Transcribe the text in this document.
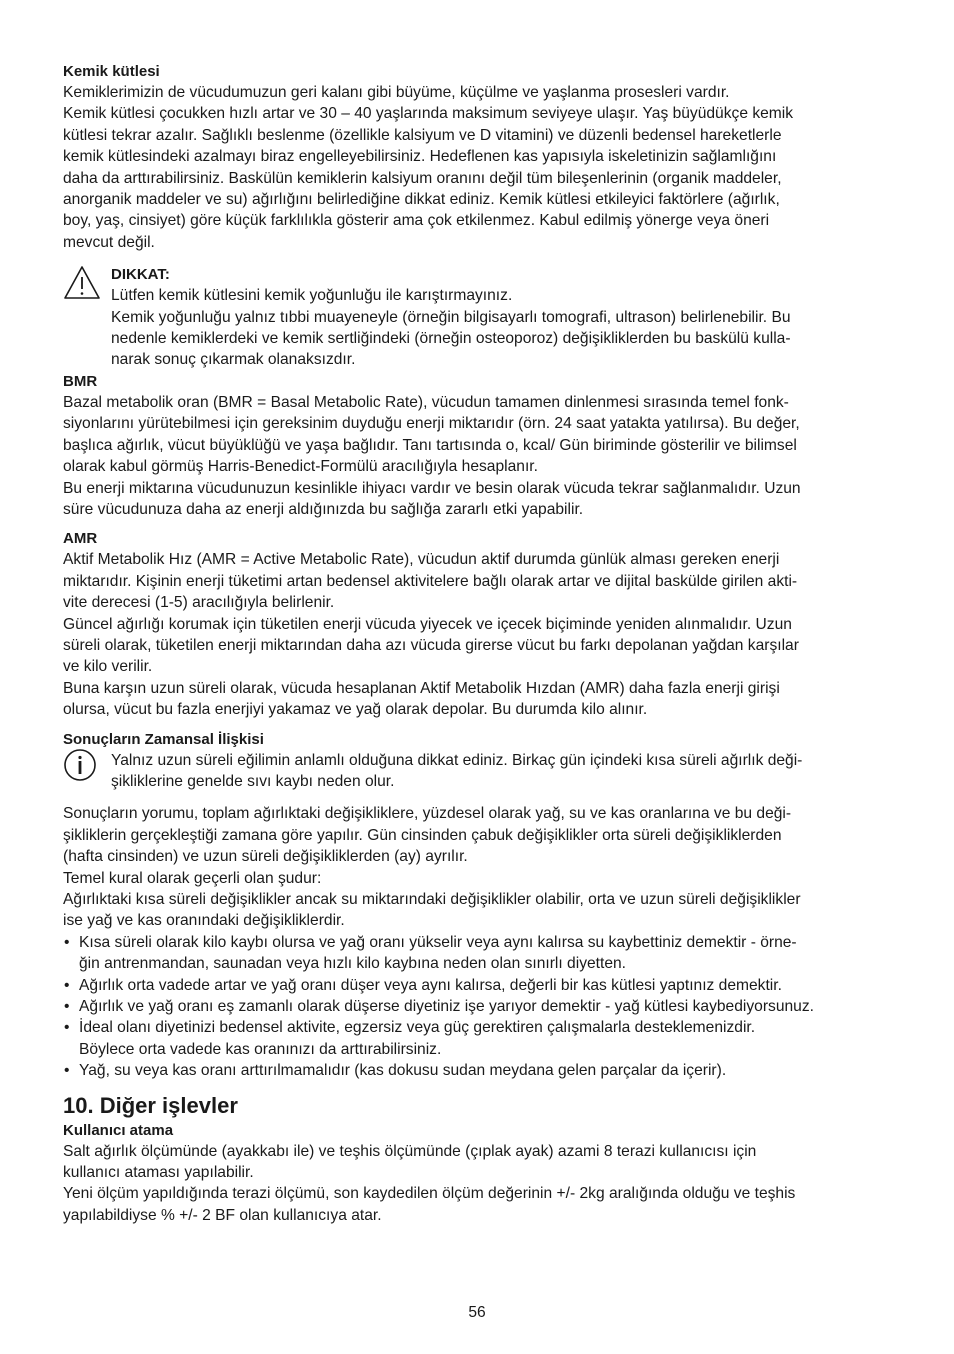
Kemik kütlesi

Kemiklerimizin de vücudumuzun geri kalanı gibi büyüme, küçülme ve yaşlanma prosesleri vardır.

Kemik kütlesi çocukken hızlı artar ve 30 – 40 yaşlarında maksimum seviyeye ulaşır. Yaş büyüdükçe kemik

kütlesi tekrar azalır. Sağlıklı beslenme (özellikle kalsiyum ve D vitamini) ve düzenli bedensel hareketlerle

kemik kütlesindeki azalmayı biraz engelleyebilirsiniz. Hedeflenen kas yapısıyla iskeletinizin sağlamlığını

daha da arttırabilirsiniz. Baskülün kemiklerin kalsiyum oranını değil tüm bileşenlerinin (organik maddeler,

anorganik maddeler ve su) ağırlığını belirlediğine dikkat ediniz. Kemik kütlesi etkileyici faktörlere (ağırlık,

boy, yaş, cinsiyet) göre küçük farklılıkla gösterir ama çok etkilenmez. Kabul edilmiş yönerge veya öneri

mevcut değil.

DIKKAT:

Lütfen kemik kütlesini kemik yoğunluğu ile karıştırmayınız.

Kemik yoğunluğu yalnız tıbbi muayeneyle (örneğin bilgisayarlı tomografi, ultrason) belirlenebilir. Bu

nedenle kemiklerdeki ve kemik sertliğindeki (örneğin osteoporoz) değişikliklerden bu baskülü kulla-

narak sonuç çıkarmak olanaksızdır.

BMR

Bazal metabolik oran (BMR = Basal Metabolic Rate), vücudun tamamen dinlenmesi sırasında temel fonk-

siyonlarını yürütebilmesi için gereksinim duyduğu enerji miktarıdır (örn. 24 saat yatakta yatılırsa). Bu değer,

başlıca ağırlık, vücut büyüklüğü ve yaşa bağlıdır. Tanı tartısında o, kcal/ Gün biriminde gösterilir ve bilimsel

olarak kabul görmüş Harris-Benedict-Formülü aracılığıyla hesaplanır.

Bu enerji miktarına vücudunuzun kesinlikle ihiyacı vardır ve besin olarak vücuda tekrar sağlanmalıdır. Uzun

süre vücudunuza daha az enerji aldığınızda bu sağlığa zararlı etki yapabilir.

AMR

Aktif Metabolik Hız (AMR = Active Metabolic Rate), vücudun aktif durumda günlük alması gereken enerji

miktarıdır. Kişinin enerji tüketimi artan bedensel aktivitelere bağlı olarak artar ve dijital baskülde girilen akti-

vite derecesi (1-5) aracılığıyla belirlenir.

Güncel ağırlığı korumak için tüketilen enerji vücuda yiyecek ve içecek biçiminde yeniden alınmalıdır. Uzun

süreli olarak, tüketilen enerji miktarından daha azı vücuda girerse vücut bu farkı depolanan yağdan karşılar

ve kilo verilir.

Buna karşın uzun süreli olarak, vücuda hesaplanan Aktif Metabolik Hızdan (AMR) daha fazla enerji girişi

olursa, vücut bu fazla enerjiyi yakamaz ve yağ olarak depolar. Bu durumda kilo alınır.

Sonuçların Zamansal İlişkisi

Yalnız uzun süreli eğilimin anlamlı olduğuna dikkat ediniz. Birkaç gün içindeki kısa süreli ağırlık deği-

şikliklerine genelde sıvı kaybı neden olur.

Sonuçların yorumu, toplam ağırlıktaki değişikliklere, yüzdesel olarak yağ, su ve kas oranlarına ve bu deği-

şikliklerin gerçekleştiği zamana göre yapılır. Gün cinsinden çabuk değişiklikler orta süreli değişikliklerden

(hafta cinsinden) ve uzun süreli değişikliklerden (ay) ayrılır.

Temel kural olarak geçerli olan şudur:

Ağırlıktaki kısa süreli değişiklikler ancak su miktarındaki değişiklikler olabilir, orta ve uzun süreli değişiklikler

ise yağ ve kas oranındaki değişikliklerdir.

• Kısa süreli olarak kilo kaybı olursa ve yağ oranı yükselir veya aynı kalırsa su kaybettiniz demektir - örne-
ğin antrenmandan, saunadan veya hızlı kilo kaybına neden olan sınırlı diyetten.
• Ağırlık orta vadede artar ve yağ oranı düşer veya aynı kalırsa, değerli bir kas kütlesi yaptınız demektir.
• Ağırlık ve yağ oranı eş zamanlı olarak düşerse diyetiniz işe yarıyor demektir - yağ kütlesi kaybediyorsunuz.
• İdeal olanı diyetinizi bedensel aktivite, egzersiz veya güç gerektiren çalışmalarla desteklemenizdir.
Böylece orta vadede kas oranınızı da arttırabilirsiniz.
• Yağ, su veya kas oranı arttırılmamalıdır (kas dokusu sudan meydana gelen parçalar da içerir).
10. Diğer işlevler
Kullanıcı atama

Salt ağırlık ölçümünde (ayakkabı ile) ve teşhis ölçümünde (çıplak ayak) azami 8 terazi kullanıcısı için

kullanıcı ataması yapılabilir.

Yeni ölçüm yapıldığında terazi ölçümü, son kaydedilen ölçüm değerinin +/- 2kg aralığında olduğu ve teşhis

yapılabildiyse % +/- 2 BF olan kullanıcıya atar.

56
